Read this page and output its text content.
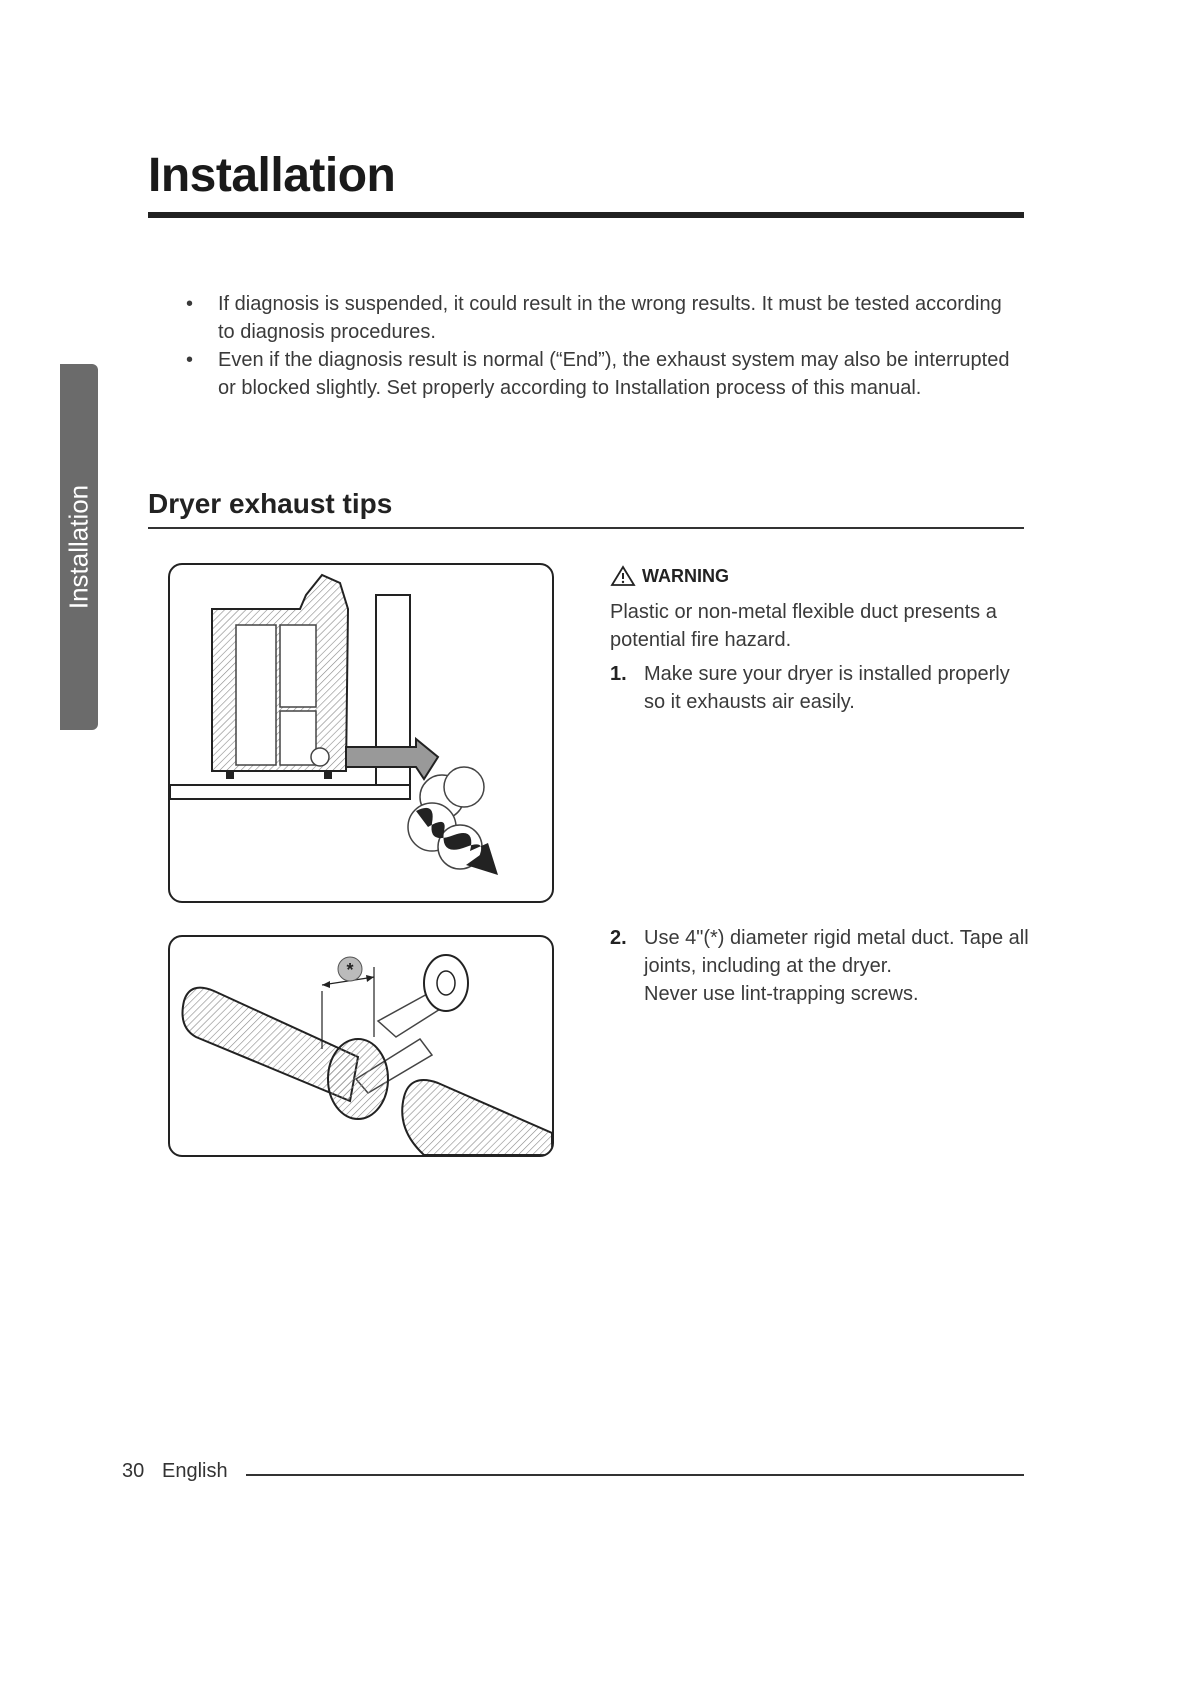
Installation
Installation
• If diagnosis is suspended, it could result in the wrong results. It must be tested according to diagnosis procedures.
• Even if the diagnosis result is normal (“End”), the exhaust system may also be interrupted or blocked slightly. Set properly according to Installation process of this manual.
Dryer exhaust tips
*
WARNING
Plastic or non-metal flexible duct presents a potential fire hazard.
1. Make sure your dryer is installed properly so it exhausts air easily.
2. Use 4"(*) diameter rigid metal duct. Tape all joints, including at the dryer.
Never use lint-trapping screws.
30 English
